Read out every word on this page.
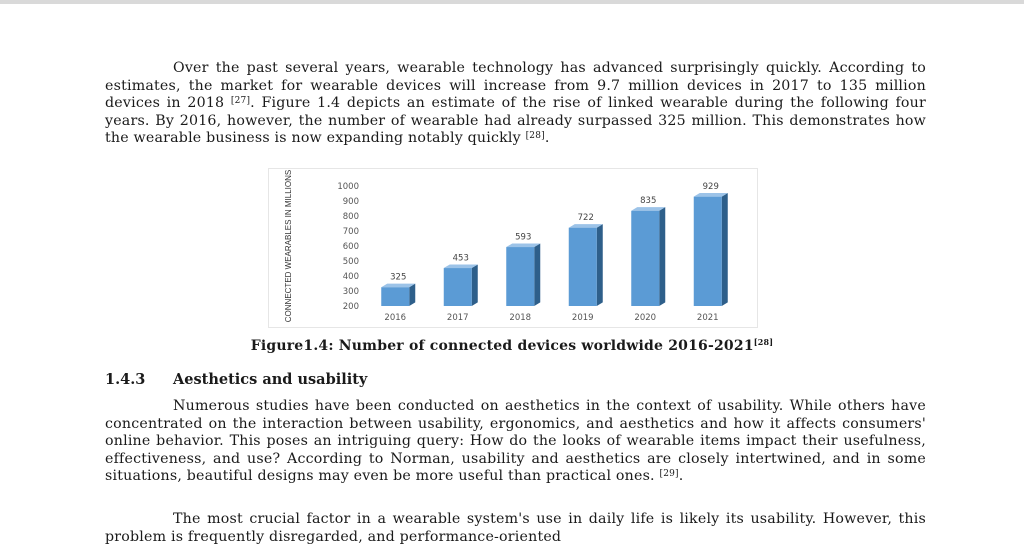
Over the past several years, wearable technology has advanced surprisingly quickly. According to estimates, the market for wearable devices will increase from 9.7 million devices in 2017 to 135 million devices in 2018 [27]. Figure 1.4 depicts an estimate of the rise of linked wearable during the following four years. By 2016, however, the number of wearable had already surpassed 325 million. This demonstrates how the wearable business is now expanding notably quickly [28].

200
300
400
500
600
700
800
900
1000
CONNECTED WEARABLES IN MILLIONS	325
2016
453
2017
593
2018
722
2019
835
2020
929
2021
Figure1.4: Number of connected devices worldwide 2016-2021[28]
1.4.3 Aesthetics and usability

Numerous studies have been conducted on aesthetics in the context of usability. While others have concentrated on the interaction between usability, ergonomics, and aesthetics and how it affects consumers' online behavior. This poses an intriguing query: How do the looks of wearable items impact their usefulness, effectiveness, and use? According to Norman, usability and aesthetics are closely intertwined, and in some situations, beautiful designs may even be more useful than practical ones. [29].

The most crucial factor in a wearable system's use in daily life is likely its usability. However, this problem is frequently disregarded, and performance-oriented
